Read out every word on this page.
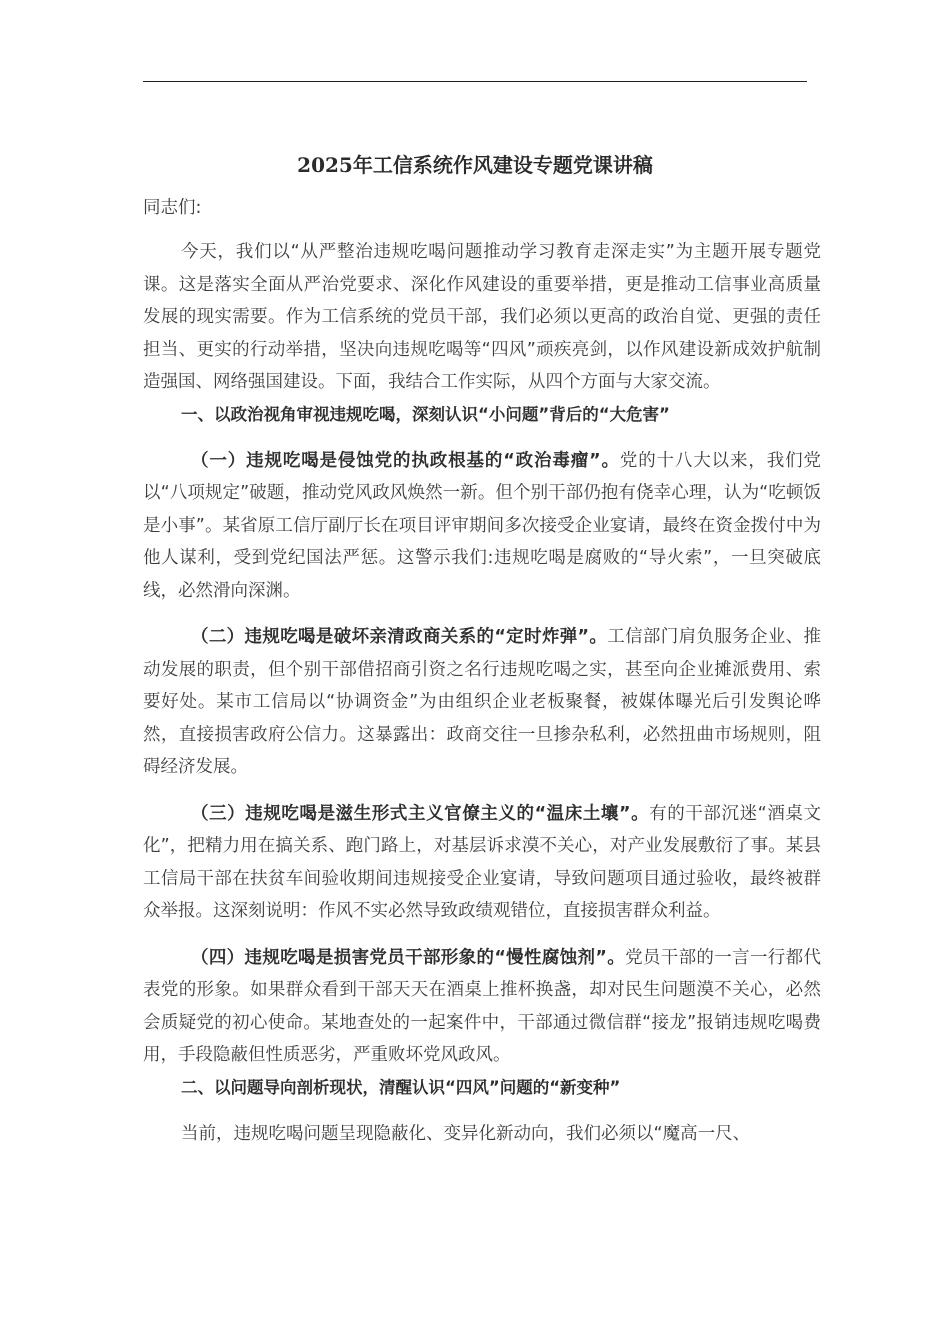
2025年工信系统作风建设专题党课讲稿

同志们:

今天，我们以“从严整治违规吃喝问题推动学习教育走深走实”为主题开展专题党课。这是落实全面从严治党要求、深化作风建设的重要举措，更是推动工信事业高质量发展的现实需要。作为工信系统的党员干部，我们必须以更高的政治自觉、更强的责任担当、更实的行动举措，坚决向违规吃喝等“四风”顽疾亮剑，以作风建设新成效护航制造强国、网络强国建设。下面，我结合工作实际，从四个方面与大家交流。

一、以政治视角审视违规吃喝，深刻认识“小问题”背后的“大危害”

（一）违规吃喝是侵蚀党的执政根基的“政治毒瘤”。党的十八大以来，我们党以“八项规定”破题，推动党风政风焕然一新。但个别干部仍抱有侥幸心理，认为“吃顿饭是小事”。某省原工信厅副厅长在项目评审期间多次接受企业宴请，最终在资金拨付中为他人谋利，受到党纪国法严惩。这警示我们:违规吃喝是腐败的“导火索”，一旦突破底线，必然滑向深渊。

（二）违规吃喝是破坏亲清政商关系的“定时炸弹”。工信部门肩负服务企业、推动发展的职责，但个别干部借招商引资之名行违规吃喝之实，甚至向企业摊派费用、索要好处。某市工信局以“协调资金”为由组织企业老板聚餐，被媒体曝光后引发舆论哗然，直接损害政府公信力。这暴露出：政商交往一旦掺杂私利，必然扭曲市场规则，阻碍经济发展。

（三）违规吃喝是滋生形式主义官僚主义的“温床土壤”。有的干部沉迷“酒桌文化”，把精力用在搞关系、跑门路上，对基层诉求漠不关心，对产业发展敷衍了事。某县工信局干部在扶贫车间验收期间违规接受企业宴请，导致问题项目通过验收，最终被群众举报。这深刻说明：作风不实必然导致政绩观错位，直接损害群众利益。

（四）违规吃喝是损害党员干部形象的“慢性腐蚀剂”。党员干部的一言一行都代表党的形象。如果群众看到干部天天在酒桌上推杯换盏，却对民生问题漠不关心，必然会质疑党的初心使命。某地查处的一起案件中，干部通过微信群“接龙”报销违规吃喝费用，手段隐蔽但性质恶劣，严重败坏党风政风。

二、以问题导向剖析现状，清醒认识“四风”问题的“新变种”

当前，违规吃喝问题呈现隐蔽化、变异化新动向，我们必须以“魔高一尺、
